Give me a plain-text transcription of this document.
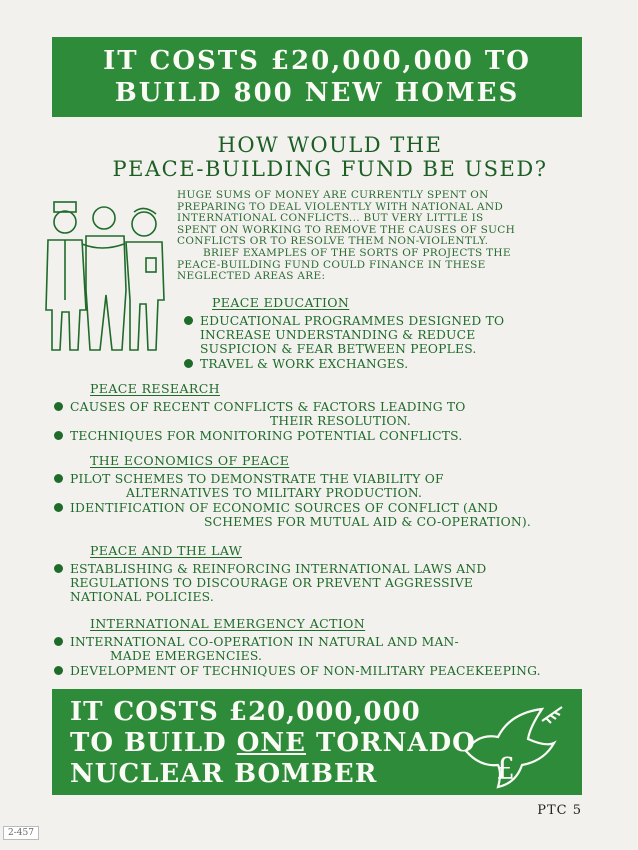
IT COSTS £20,000,000 TO
BUILD 800 NEW HOMES
HOW WOULD THE
PEACE-BUILDING FUND BE USED?
HUGE SUMS OF MONEY ARE CURRENTLY SPENT ON
PREPARING TO DEAL VIOLENTLY WITH NATIONAL AND
INTERNATIONAL CONFLICTS... BUT VERY LITTLE IS
SPENT ON WORKING TO REMOVE THE CAUSES OF SUCH
CONFLICTS OR TO RESOLVE THEM NON-VIOLENTLY.
BRIEF EXAMPLES OF THE SORTS OF PROJECTS THE
PEACE-BUILDING FUND COULD FINANCE IN THESE
NEGLECTED AREAS ARE:
PEACE EDUCATION
EDUCATIONAL PROGRAMMES DESIGNED TO
INCREASE UNDERSTANDING & REDUCE
SUSPICION & FEAR BETWEEN PEOPLES.
TRAVEL & WORK EXCHANGES.
PEACE RESEARCH
CAUSES OF RECENT CONFLICTS & FACTORS LEADING TO
THEIR RESOLUTION.
TECHNIQUES FOR MONITORING POTENTIAL CONFLICTS.
THE ECONOMICS OF PEACE
PILOT SCHEMES TO DEMONSTRATE THE VIABILITY OF
ALTERNATIVES TO MILITARY PRODUCTION.
IDENTIFICATION OF ECONOMIC SOURCES OF CONFLICT (AND
SCHEMES FOR MUTUAL AID & CO-OPERATION).
PEACE AND THE LAW
ESTABLISHING & REINFORCING INTERNATIONAL LAWS AND
REGULATIONS TO DISCOURAGE OR PREVENT AGGRESSIVE
NATIONAL POLICIES.
INTERNATIONAL EMERGENCY ACTION
INTERNATIONAL CO-OPERATION IN NATURAL AND MAN-
MADE EMERGENCIES.
DEVELOPMENT OF TECHNIQUES OF NON-MILITARY PEACEKEEPING.
IT COSTS £20,000,000
TO BUILD ONE TORNADO
NUCLEAR BOMBER	£
PTC 5
2-457
